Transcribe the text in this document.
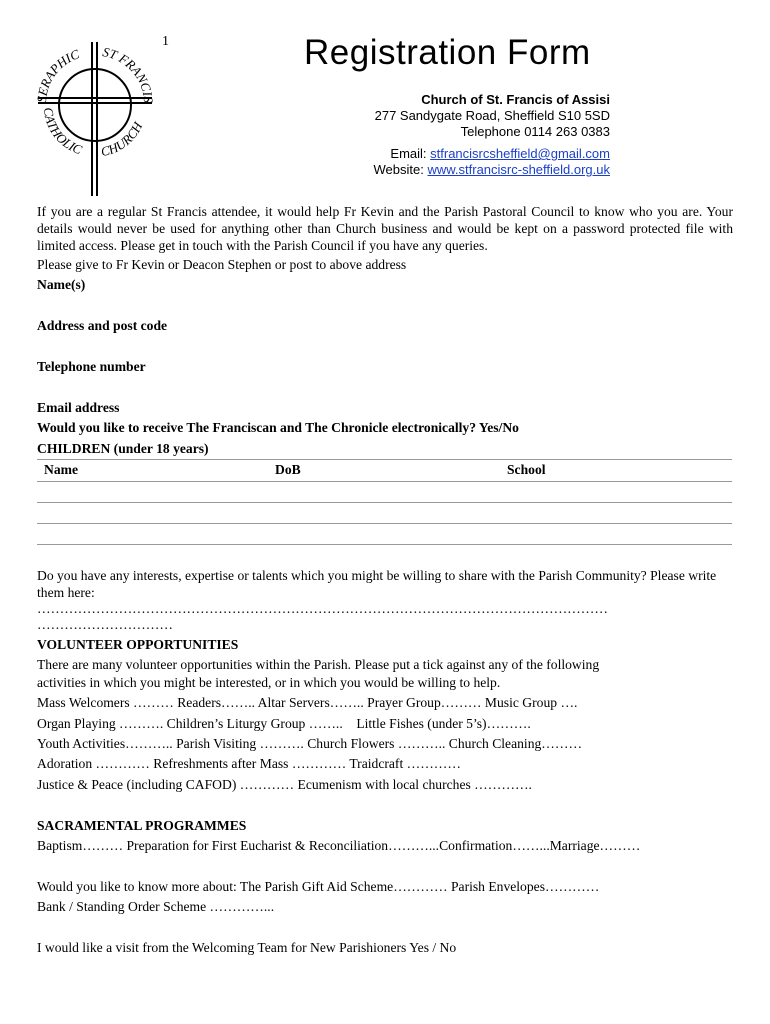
SERAPHIC ST FRANCIS
CATHOLIC CHURCH
1	Registration Form
Church of St. Francis of Assisi
277 Sandygate Road, Sheffield S10 5SD
Telephone 0114 263 0383
Email: stfrancisrcsheffield@gmail.com
Website: www.stfrancisrc-sheffield.org.uk
If you are a regular St Francis attendee, it would help Fr Kevin and the Parish Pastoral Council to know who you are. Your details would never be used for anything other than Church business and would be kept on a password protected file with limited access. Please get in touch with the Parish Council if you have any queries.
Please give to Fr Kevin or Deacon Stephen or post to above address
Name(s)
Address and post code
Telephone number
Email address
Would you like to receive The Franciscan and The Chronicle electronically? Yes/No
CHILDREN (under 18 years)
Name	DoB	School
Do you have any interests, expertise or talents which you might be willing to share with the Parish Community? Please write them here:
………………………………………………………………………………………………………………
…………………………
VOLUNTEER OPPORTUNITIES
There are many volunteer opportunities within the Parish. Please put a tick against any of the following
activities in which you might be interested, or in which you would be willing to help.
Mass Welcomers ……… Readers…….. Altar Servers…….. Prayer Group……… Music Group ….
Organ Playing ………. Children’s Liturgy Group ……..    Little Fishes (under 5’s)……….
Youth Activities……….. Parish Visiting ………. Church Flowers ……….. Church Cleaning………
Adoration ………… Refreshments after Mass ………… Traidcraft …………
Justice & Peace (including CAFOD) ………… Ecumenism with local churches ………….
SACRAMENTAL PROGRAMMES
Baptism……… Preparation for First Eucharist & Reconciliation………...Confirmation……...Marriage………
Would you like to know more about: The Parish Gift Aid Scheme………… Parish Envelopes…………
Bank / Standing Order Scheme …………...
I would like a visit from the Welcoming Team for New Parishioners Yes / No
